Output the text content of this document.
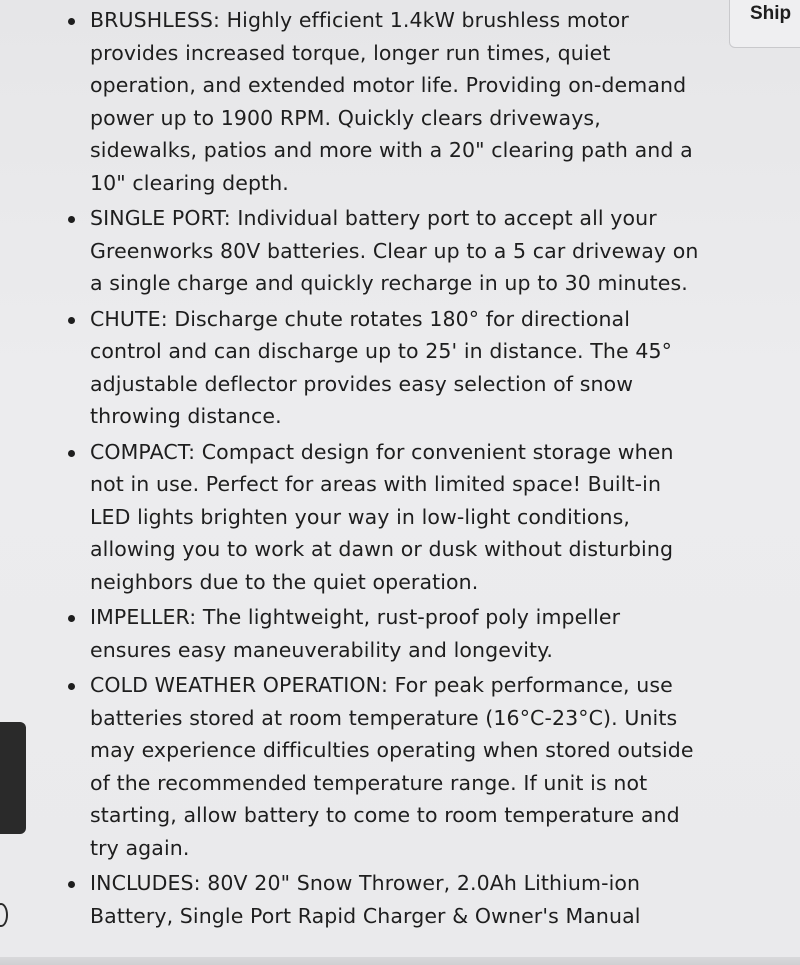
Ship
BRUSHLESS: Highly efficient 1.4kW brushless motor provides increased torque, longer run times, quiet operation, and extended motor life. Providing on-demand power up to 1900 RPM. Quickly clears driveways, sidewalks, patios and more with a 20" clearing path and a 10" clearing depth.
SINGLE PORT: Individual battery port to accept all your Greenworks 80V batteries. Clear up to a 5 car driveway on a single charge and quickly recharge in up to 30 minutes.
CHUTE: Discharge chute rotates 180° for directional control and can discharge up to 25' in distance. The 45° adjustable deflector provides easy selection of snow throwing distance.
COMPACT: Compact design for convenient storage when not in use. Perfect for areas with limited space! Built-in LED lights brighten your way in low-light conditions, allowing you to work at dawn or dusk without disturbing neighbors due to the quiet operation.
IMPELLER: The lightweight, rust-proof poly impeller ensures easy maneuverability and longevity.
COLD WEATHER OPERATION: For peak performance, use batteries stored at room temperature (16°C-23°C). Units may experience difficulties operating when stored outside of the recommended temperature range. If unit is not starting, allow battery to come to room temperature and try again.
INCLUDES: 80V 20" Snow Thrower, 2.0Ah Lithium-ion Battery, Single Port Rapid Charger & Owner's Manual
